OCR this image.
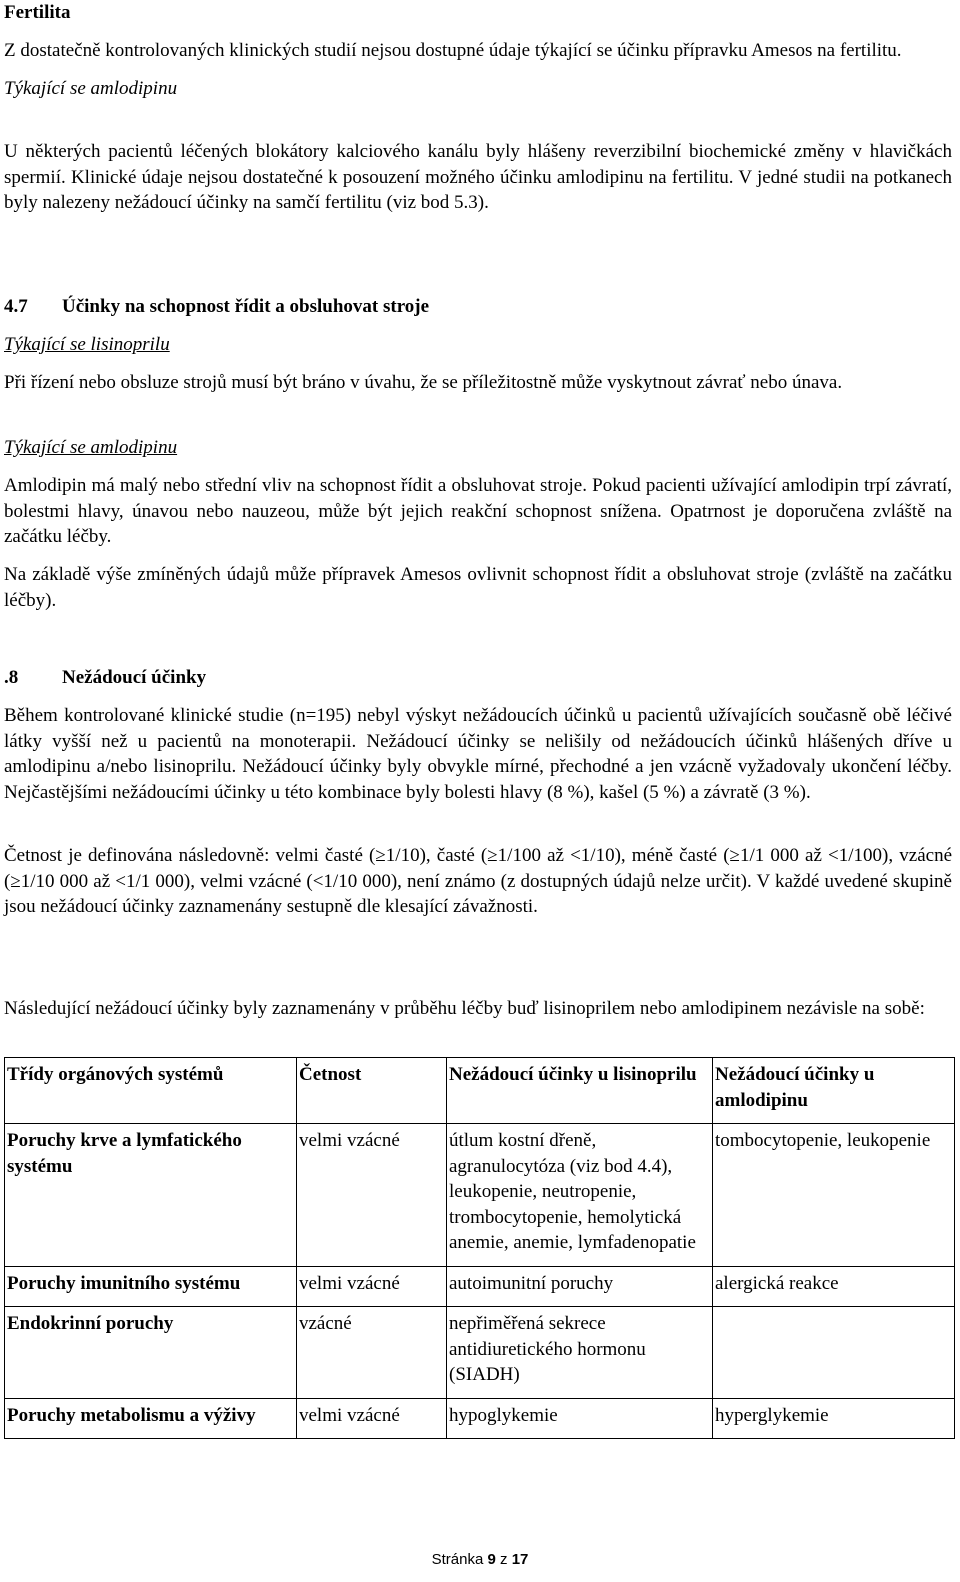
Fertilita

Z dostatečně kontrolovaných klinických studií nejsou dostupné údaje týkající se účinku přípravku Amesos na fertilitu.

Týkající se amlodipinu

U některých pacientů léčených blokátory kalciového kanálu byly hlášeny reverzibilní biochemické změny v hlavičkách spermií. Klinické údaje nejsou dostatečné k posouzení možného účinku amlodipinu na fertilitu. V jedné studii na potkanech byly nalezeny nežádoucí účinky na samčí fertilitu (viz bod 5.3).

4.7 Účinky na schopnost řídit a obsluhovat stroje
Týkající se lisinoprilu

Při řízení nebo obsluze strojů musí být bráno v úvahu, že se příležitostně může vyskytnout závrať nebo únava.

Týkající se amlodipinu

Amlodipin má malý nebo střední vliv na schopnost řídit a obsluhovat stroje. Pokud pacienti užívající amlodipin trpí závratí, bolestmi hlavy, únavou nebo nauzeou, může být jejich reakční schopnost snížena. Opatrnost je doporučena zvláště na začátku léčby.

Na základě výše zmíněných údajů může přípravek Amesos ovlivnit schopnost řídit a obsluhovat stroje (zvláště na začátku léčby).

.8 Nežádoucí účinky

Během kontrolované klinické studie (n=195) nebyl výskyt nežádoucích účinků u pacientů užívajících současně obě léčivé látky vyšší než u pacientů na monoterapii. Nežádoucí účinky se nelišily od nežádoucích účinků hlášených dříve u amlodipinu a/nebo lisinoprilu. Nežádoucí účinky byly obvykle mírné, přechodné a jen vzácně vyžadovaly ukončení léčby. Nejčastějšími nežádoucími účinky u této kombinace byly bolesti hlavy (8 %), kašel (5 %) a závratě (3 %).

Četnost je definována následovně: velmi časté (≥1/10), časté (≥1/100 až <1/10), méně časté (≥1/1 000 až <1/100), vzácné (≥1/10 000 až <1/1 000), velmi vzácné (<1/10 000), není známo (z dostupných údajů nelze určit). V každé uvedené skupině jsou nežádoucí účinky zaznamenány sestupně dle klesající závažnosti.

Následující nežádoucí účinky byly zaznamenány v průběhu léčby buď lisinoprilem nebo amlodipinem nezávisle na sobě:

Třídy orgánových systémů	Četnost	Nežádoucí účinky u lisinoprilu	Nežádoucí účinky u amlodipinu
Poruchy krve a lymfatického systému	velmi vzácné	útlum kostní dřeně, agranulocytóza (viz bod 4.4), leukopenie, neutropenie, trombocytopenie, hemolytická anemie, anemie, lymfadenopatie	tombocytopenie, leukopenie
Poruchy imunitního systému	velmi vzácné	autoimunitní poruchy	alergická reakce
Endokrinní poruchy	vzácné	nepřiměřená sekrece antidiuretického hormonu (SIADH)	
Poruchy metabolismu a výživy	velmi vzácné	hypoglykemie	hyperglykemie
Stránka 9 z 17
